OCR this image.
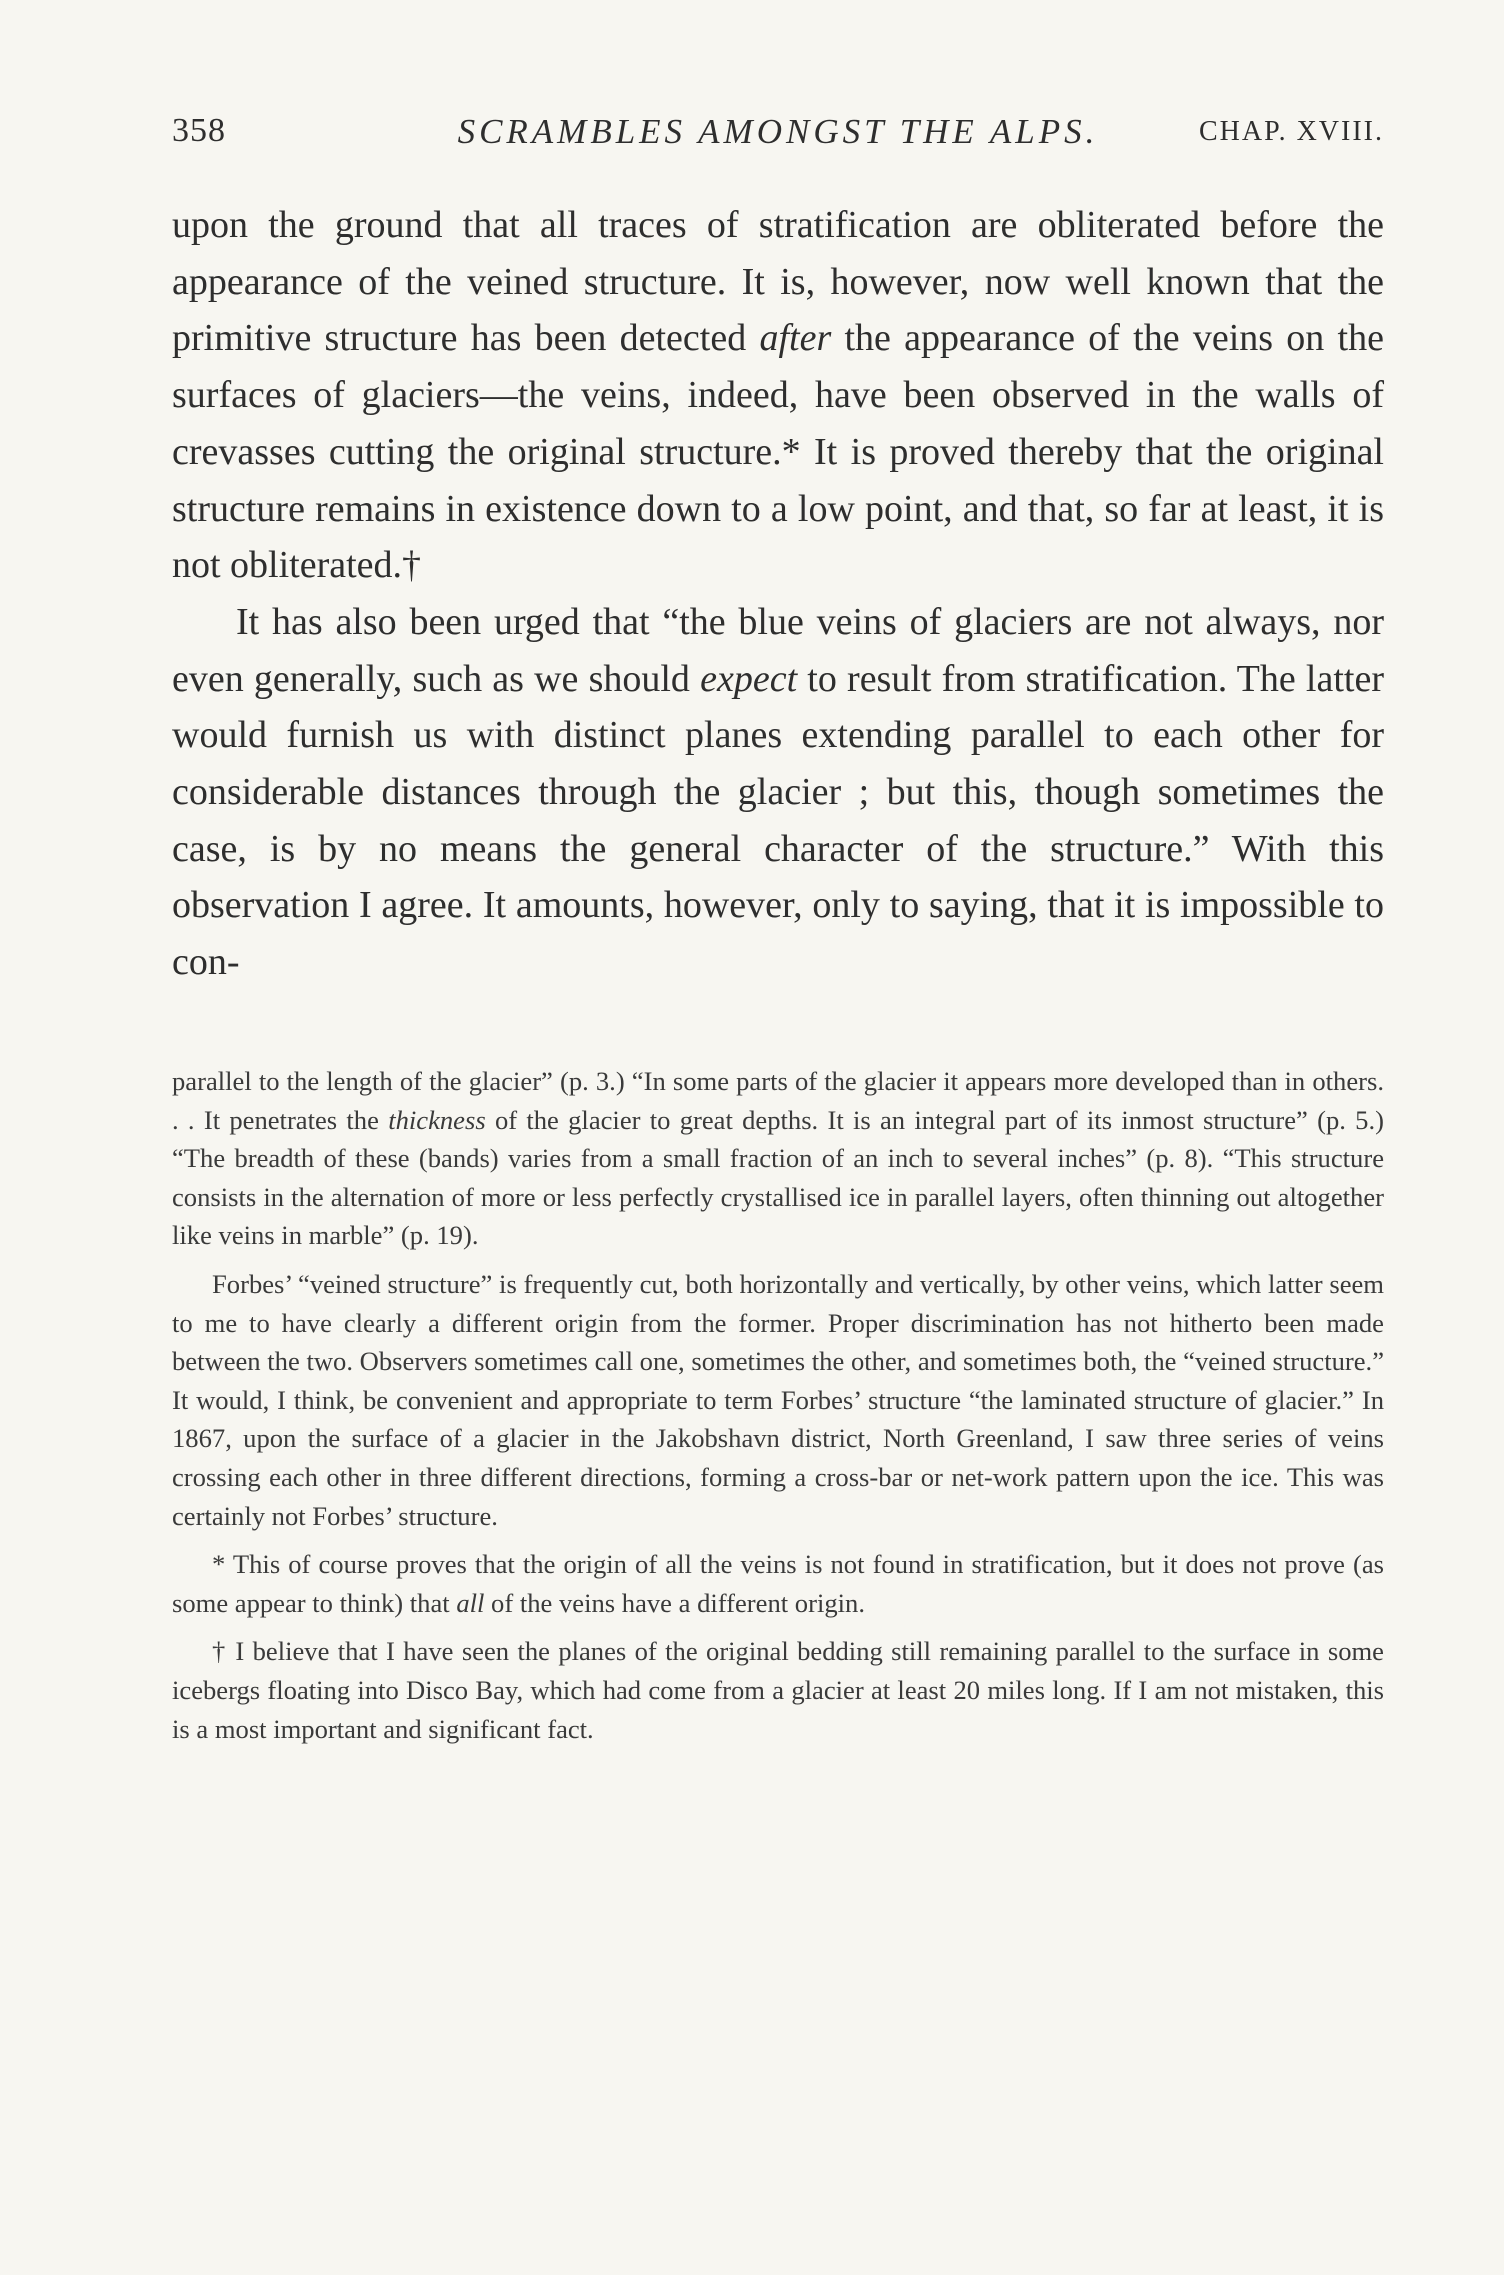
358	SCRAMBLES AMONGST THE ALPS.	CHAP. XVIII.

upon the ground that all traces of stratification are obliterated before the appearance of the veined structure. It is, however, now well known that the primitive structure has been detected after the appearance of the veins on the surfaces of glaciers—the veins, indeed, have been observed in the walls of crevasses cutting the original structure.* It is proved thereby that the original structure remains in existence down to a low point, and that, so far at least, it is not obliterated.†

It has also been urged that “the blue veins of glaciers are not always, nor even generally, such as we should expect to result from stratification. The latter would furnish us with distinct planes extending parallel to each other for considerable distances through the glacier ; but this, though sometimes the case, is by no means the general character of the structure.” With this observation I agree. It amounts, however, only to saying, that it is impossible to con-

parallel to the length of the glacier” (p. 3.) “In some parts of the glacier it appears more developed than in others. . . It penetrates the thickness of the glacier to great depths. It is an integral part of its inmost structure” (p. 5.) “The breadth of these (bands) varies from a small fraction of an inch to several inches” (p. 8). “This structure consists in the alternation of more or less perfectly crystallised ice in parallel layers, often thinning out altogether like veins in marble” (p. 19).

Forbes’ “veined structure” is frequently cut, both horizontally and vertically, by other veins, which latter seem to me to have clearly a different origin from the former. Proper discrimination has not hitherto been made between the two. Observers sometimes call one, sometimes the other, and sometimes both, the “veined structure.” It would, I think, be convenient and appropriate to term Forbes’ structure “the laminated structure of glacier.” In 1867, upon the surface of a glacier in the Jakobshavn district, North Greenland, I saw three series of veins crossing each other in three different directions, forming a cross-bar or net-work pattern upon the ice. This was certainly not Forbes’ structure.

* This of course proves that the origin of all the veins is not found in stratification, but it does not prove (as some appear to think) that all of the veins have a different origin.

† I believe that I have seen the planes of the original bedding still remaining parallel to the surface in some icebergs floating into Disco Bay, which had come from a glacier at least 20 miles long. If I am not mistaken, this is a most important and significant fact.
